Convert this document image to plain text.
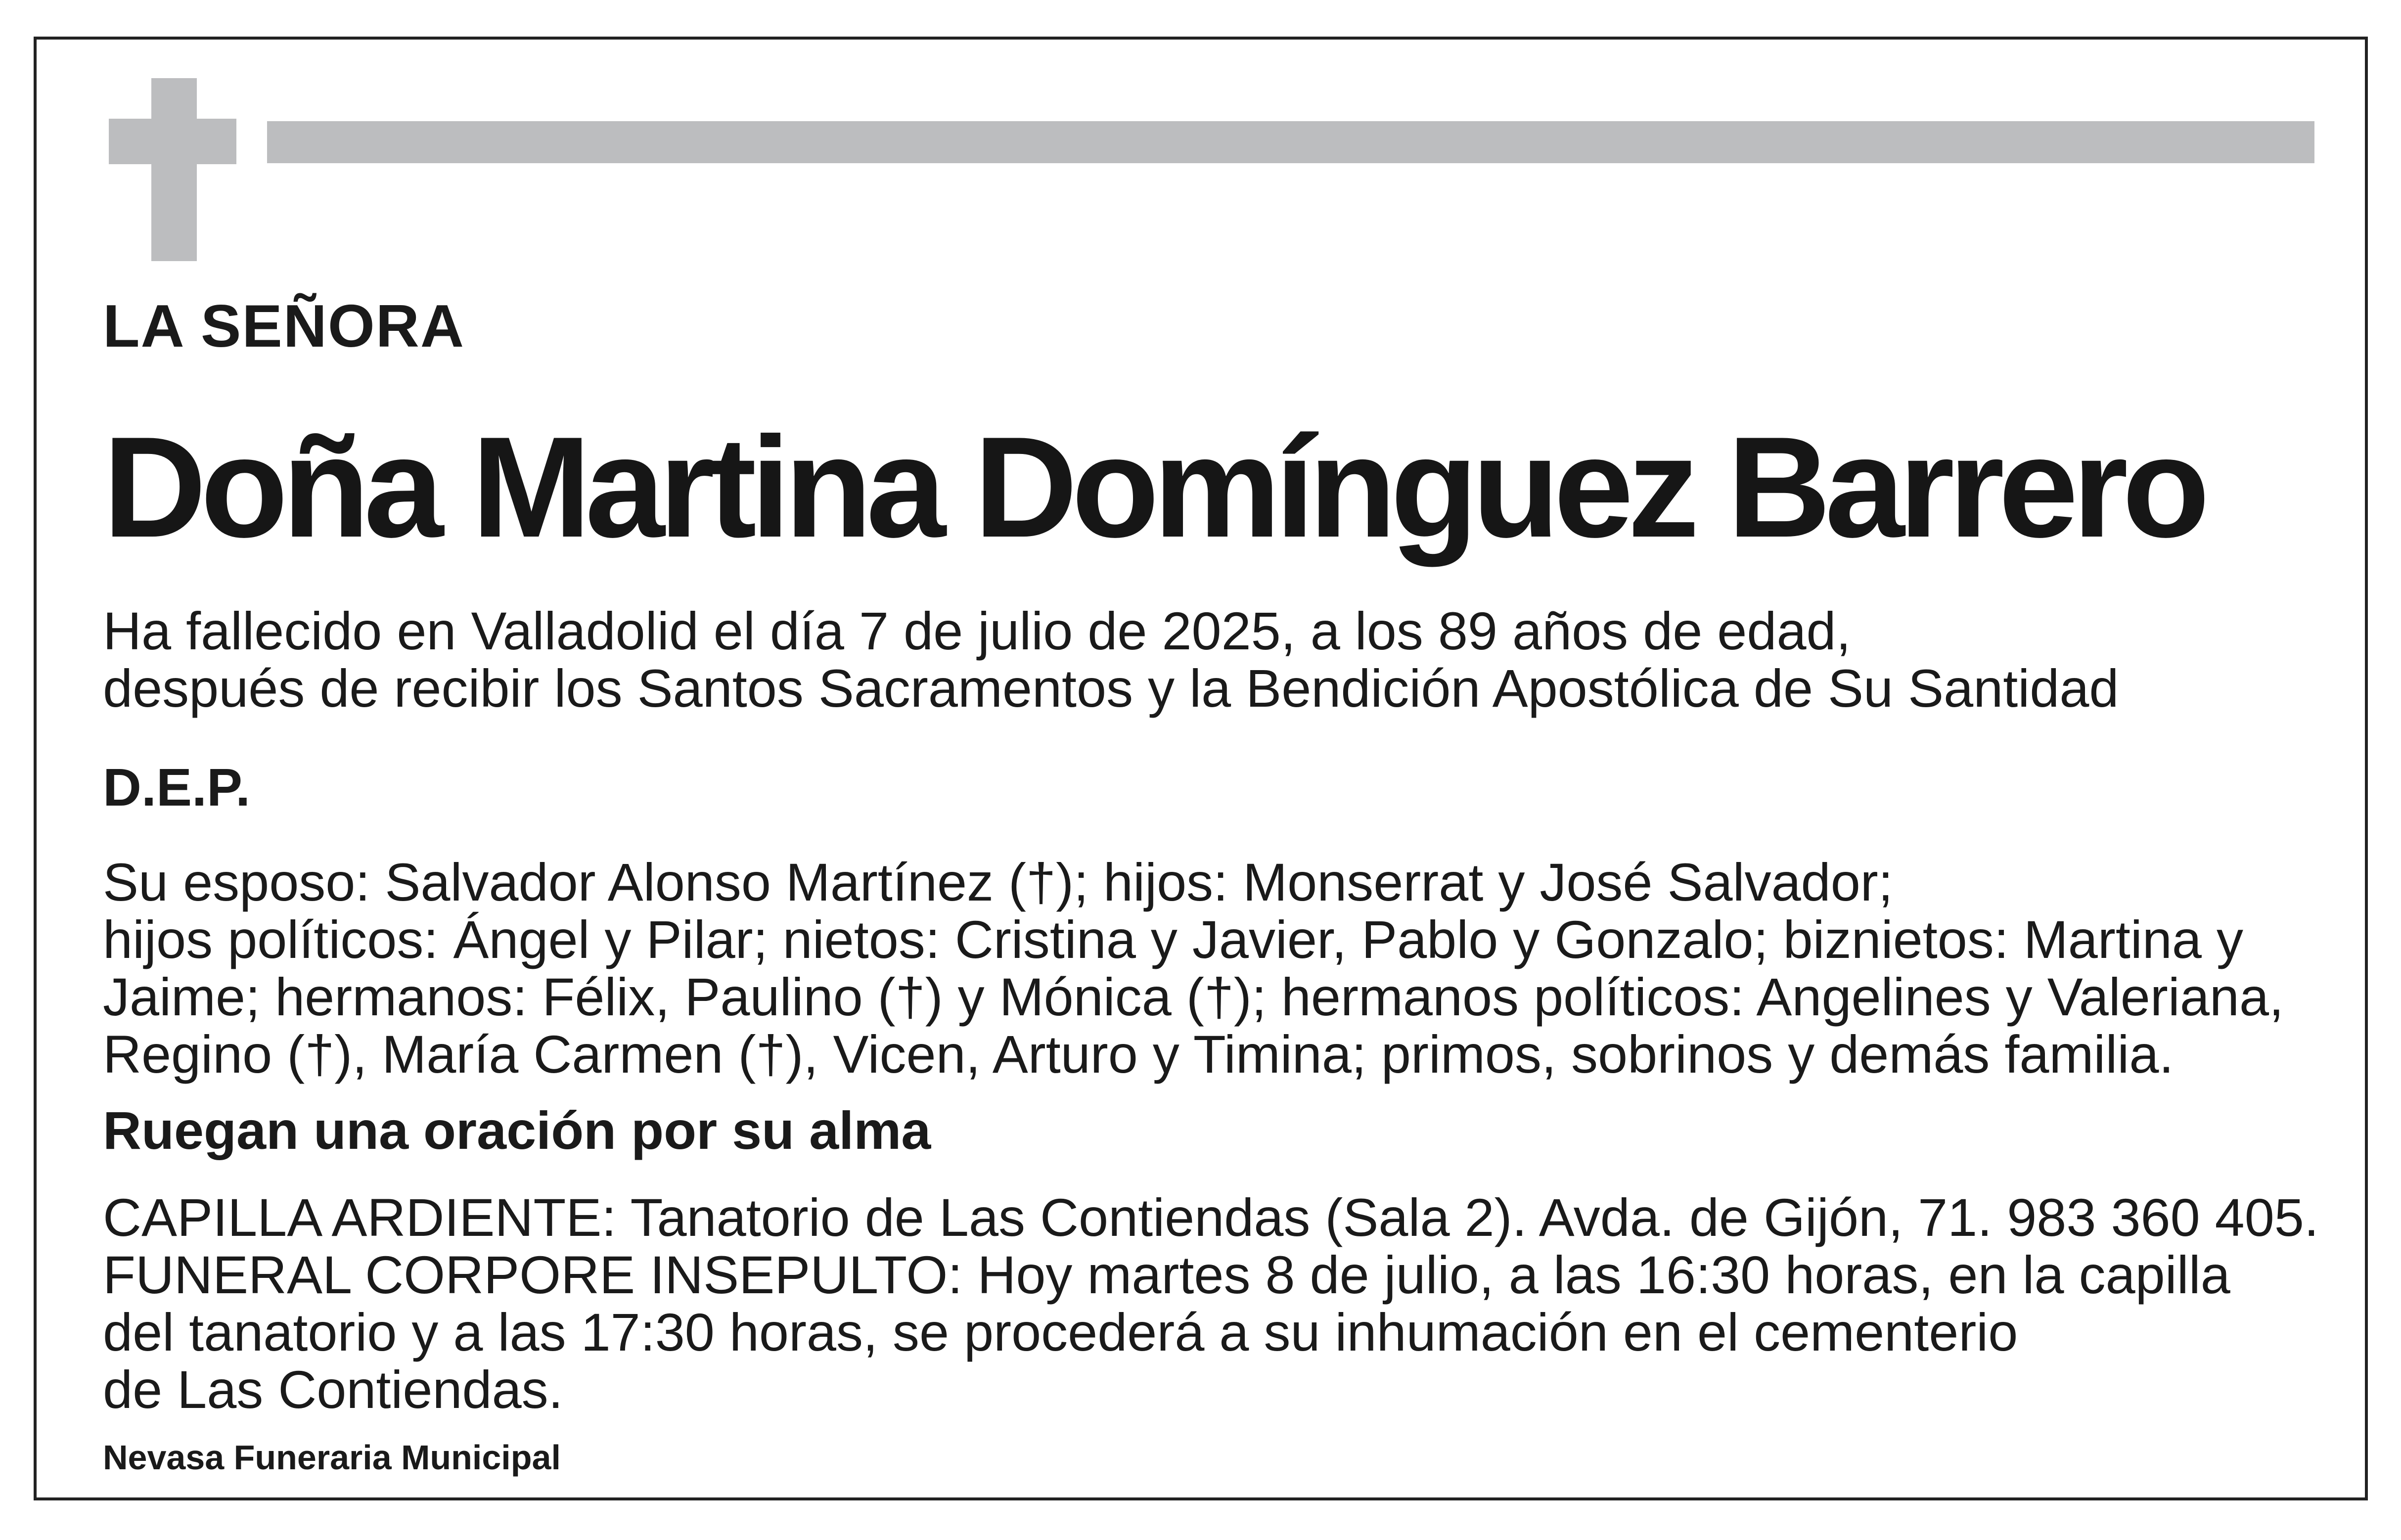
LA SEÑORA
Doña Martina Domínguez Barrero
Ha fallecido en Valladolid el día 7 de julio de 2025, a los 89 años de edad,
después de recibir los Santos Sacramentos y la Bendición Apostólica de Su Santidad
D.E.P.
Su esposo: Salvador Alonso Martínez (†); hijos: Monserrat y José Salvador;
hijos políticos: Ángel y Pilar; nietos: Cristina y Javier, Pablo y Gonzalo; biznietos: Martina y
Jaime; hermanos: Félix, Paulino (†) y Mónica (†); hermanos políticos: Angelines y Valeriana,
Regino (†), María Carmen (†), Vicen, Arturo y Timina; primos, sobrinos y demás familia.
Ruegan una oración por su alma
CAPILLA ARDIENTE: Tanatorio de Las Contiendas (Sala 2). Avda. de Gijón, 71. 983 360 405.
FUNERAL CORPORE INSEPULTO: Hoy martes 8 de julio, a las 16:30 horas, en la capilla
del tanatorio y a las 17:30 horas, se procederá a su inhumación en el cementerio
de Las Contiendas.
Nevasa Funeraria Municipal
